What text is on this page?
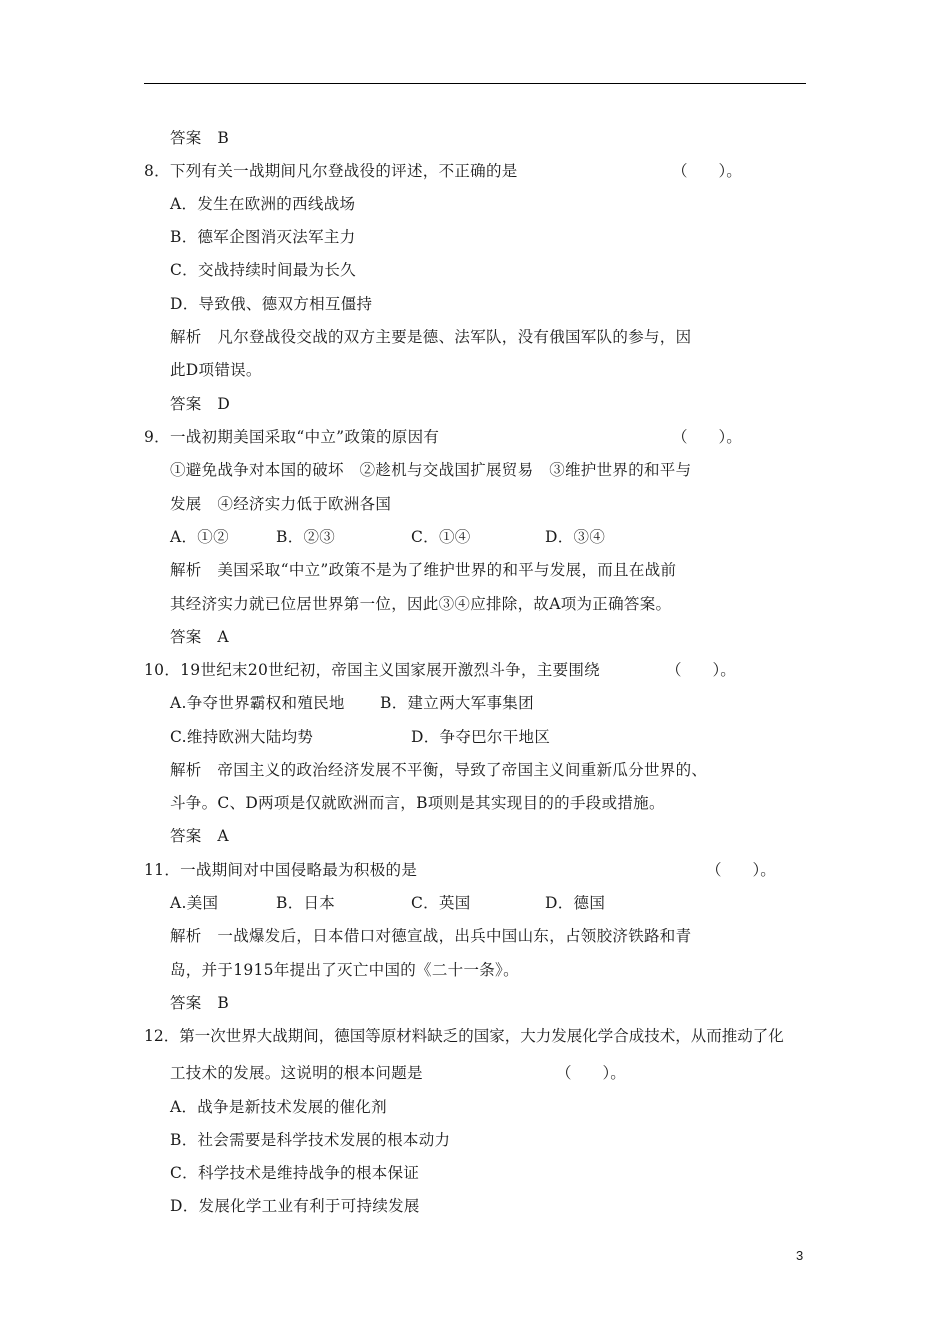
答案　 B
8．下列有关一战期间凡尔登战役的评述，不正确的是	（　　）。
A．发生在欧洲的西线战场
B．德军企图消灭法军主力
C．交战持续时间最为长久
D．导致俄、德双方相互僵持
解析　凡尔登战役交战的双方主要是德、法军队，没有俄国军队的参与，因
此D项错误。
答案　 D
9．一战初期美国采取“中立”政策的原因有	（　　）。
①避免战争对本国的破坏　②趁机与交战国扩展贸易　③维护世界的和平与
发展　④经济实力低于欧洲各国
A．①②	B．②③	C．①④	D．③④
解析　美国采取“中立”政策不是为了维护世界的和平与发展，而且在战前
其经济实力就已位居世界第一位，因此③④应排除，故A项为正确答案。
答案　 A
10．19世纪末20世纪初，帝国主义国家展开激烈斗争，主要围绕	（　　）。
A.争夺世界霸权和殖民地 B．建立两大军事集团
C.维持欧洲大陆均势	D．争夺巴尔干地区
解析　帝国主义的政治经济发展不平衡，导致了帝国主义间重新瓜分世界的、
斗争。C、D两项是仅就欧洲而言，B项则是其实现目的的手段或措施。
答案　 A
11．一战期间对中国侵略最为积极的是	（　　）。
A.美国	B．日本	C．英国	D．德国
解析　一战爆发后，日本借口对德宣战，出兵中国山东，占领胶济铁路和青
岛，并于1915年提出了灭亡中国的《二十一条》。
答案　 B
12．第一次世界大战期间，德国等原材料缺乏的国家，大力发展化学合成技术，从而推动了化
工技术的发展。这说明的根本问题是	（　　）。
A．战争是新技术发展的催化剂
B．社会需要是科学技术发展的根本动力
C．科学技术是维持战争的根本保证
D．发展化学工业有利于可持续发展
3
